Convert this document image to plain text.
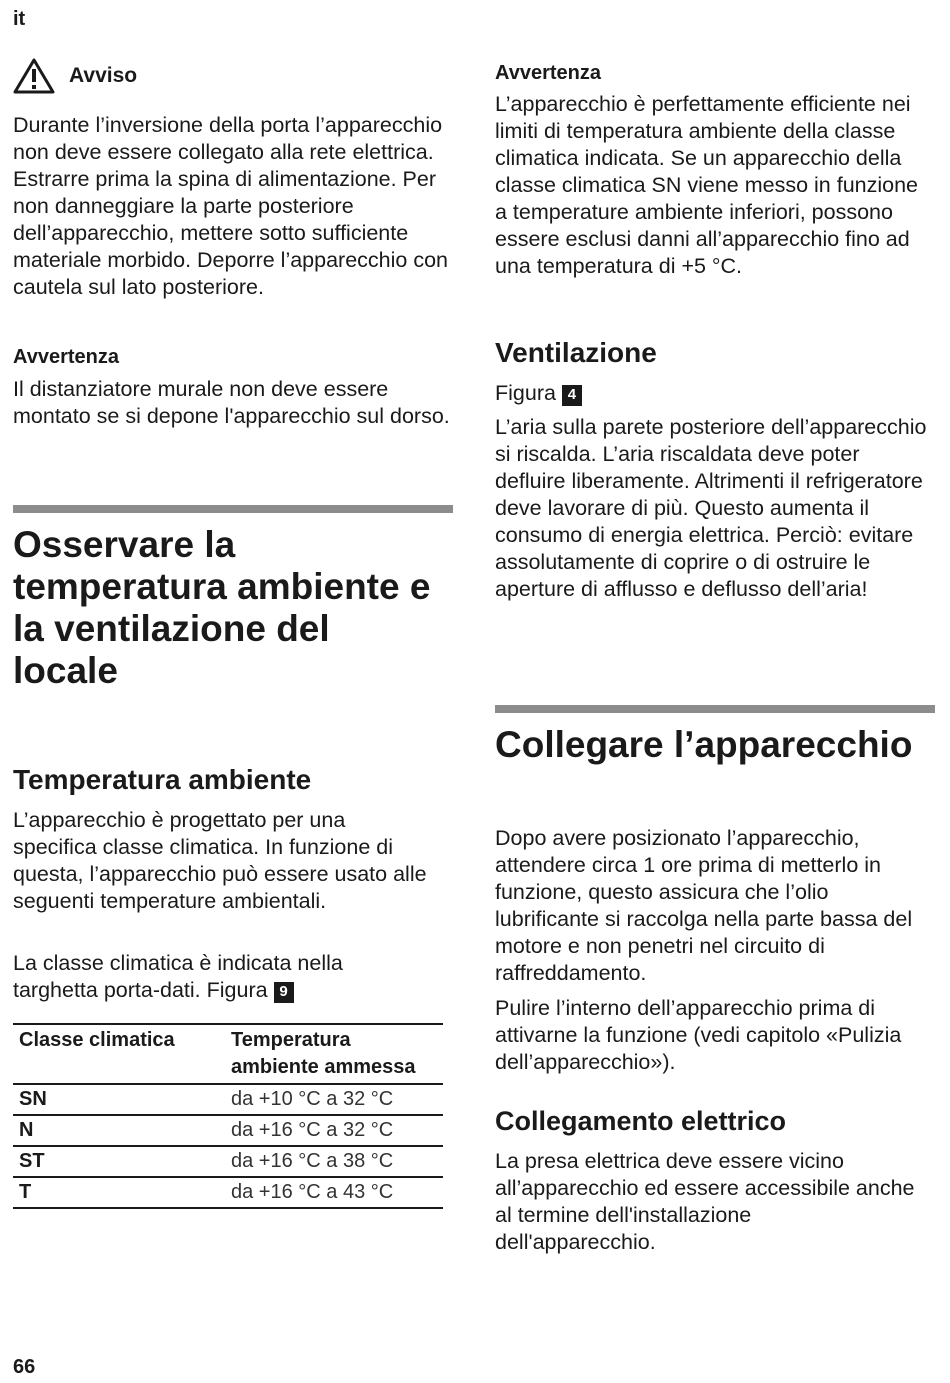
it
Avviso

Durante l’inversione della porta l’apparecchio non deve essere collegato alla rete elettrica. Estrarre prima la spina di alimentazione. Per non danneggiare la parte posteriore dell’apparecchio, mettere sotto sufficiente materiale morbido. Deporre l’apparecchio con cautela sul lato posteriore.

Avvertenza

Il distanziatore murale non deve essere montato se si depone l'apparecchio sul dorso.

Osservare la temperatura ambiente e la ventilazione del locale
Temperatura ambiente

L’apparecchio è progettato per una specifica classe climatica. In funzione di questa, l’apparecchio può essere usato alle seguenti temperature ambientali.

La classe climatica è indicata nella targhetta porta-dati. Figura 9

Classe climatica	Temperatura ambiente ammessa
SN	da +10 °C a 32 °C
N	da +16 °C a 32 °C
ST	da +16 °C a 38 °C
T	da +16 °C a 43 °C
Avvertenza

L’apparecchio è perfettamente efficiente nei limiti di temperatura ambiente della classe climatica indicata. Se un apparecchio della classe climatica SN viene messo in funzione a temperature ambiente inferiori, possono essere esclusi danni all’apparecchio fino ad una temperatura di +5 °C.

Ventilazione

Figura 4

L’aria sulla parete posteriore dell’apparecchio si riscalda. L’aria riscaldata deve poter defluire liberamente. Altrimenti il refrigeratore deve lavorare di più. Questo aumenta il consumo di energia elettrica. Perciò: evitare assolutamente di coprire o di ostruire le aperture di afflusso e deflusso dell’aria!

Collegare l’apparecchio

Dopo avere posizionato l’apparecchio, attendere circa 1 ore prima di metterlo in funzione, questo assicura che l’olio lubrificante si raccolga nella parte bassa del motore e non penetri nel circuito di raffreddamento.

Pulire l’interno dell’apparecchio prima di attivarne la funzione (vedi capitolo «Pulizia dell’apparecchio»).

Collegamento elettrico

La presa elettrica deve essere vicino all’apparecchio ed essere accessibile anche al termine dell'installazione dell'apparecchio.

66
